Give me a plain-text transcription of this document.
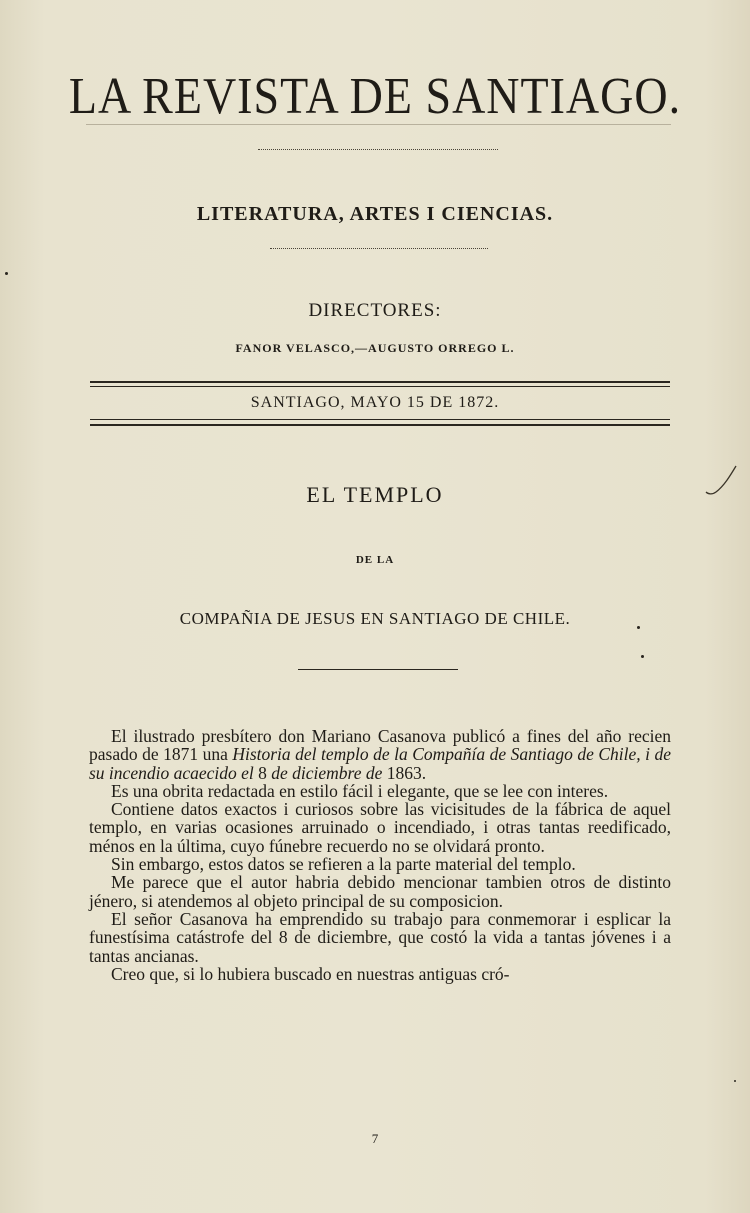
LA REVISTA DE SANTIAGO.
LITERATURA, ARTES I CIENCIAS.
DIRECTORES:
FANOR VELASCO,—AUGUSTO ORREGO L.
SANTIAGO, MAYO 15 DE 1872.
EL TEMPLO
DE LA
COMPAÑIA DE JESUS EN SANTIAGO DE CHILE.

El ilustrado presbítero don Mariano Casanova publicó a fines del año recien pasado de 1871 una Historia del templo de la Compañía de Santiago de Chile, i de su incendio acaecido el 8 de diciembre de 1863.

Es una obrita redactada en estilo fácil i elegante, que se lee con interes.

Contiene datos exactos i curiosos sobre las vicisitudes de la fábrica de aquel templo, en varias ocasiones arruinado o incendiado, i otras tantas reedificado, ménos en la última, cuyo fúnebre recuerdo no se olvidará pronto.

Sin embargo, estos datos se refieren a la parte material del templo.

Me parece que el autor habria debido mencionar tambien otros de distinto jénero, si atendemos al objeto principal de su composicion.

El señor Casanova ha emprendido su trabajo para conmemorar i esplicar la funestísima catástrofe del 8 de diciembre, que costó la vida a tantas jóvenes i a tantas ancianas.

Creo que, si lo hubiera buscado en nuestras antiguas cró-

7
